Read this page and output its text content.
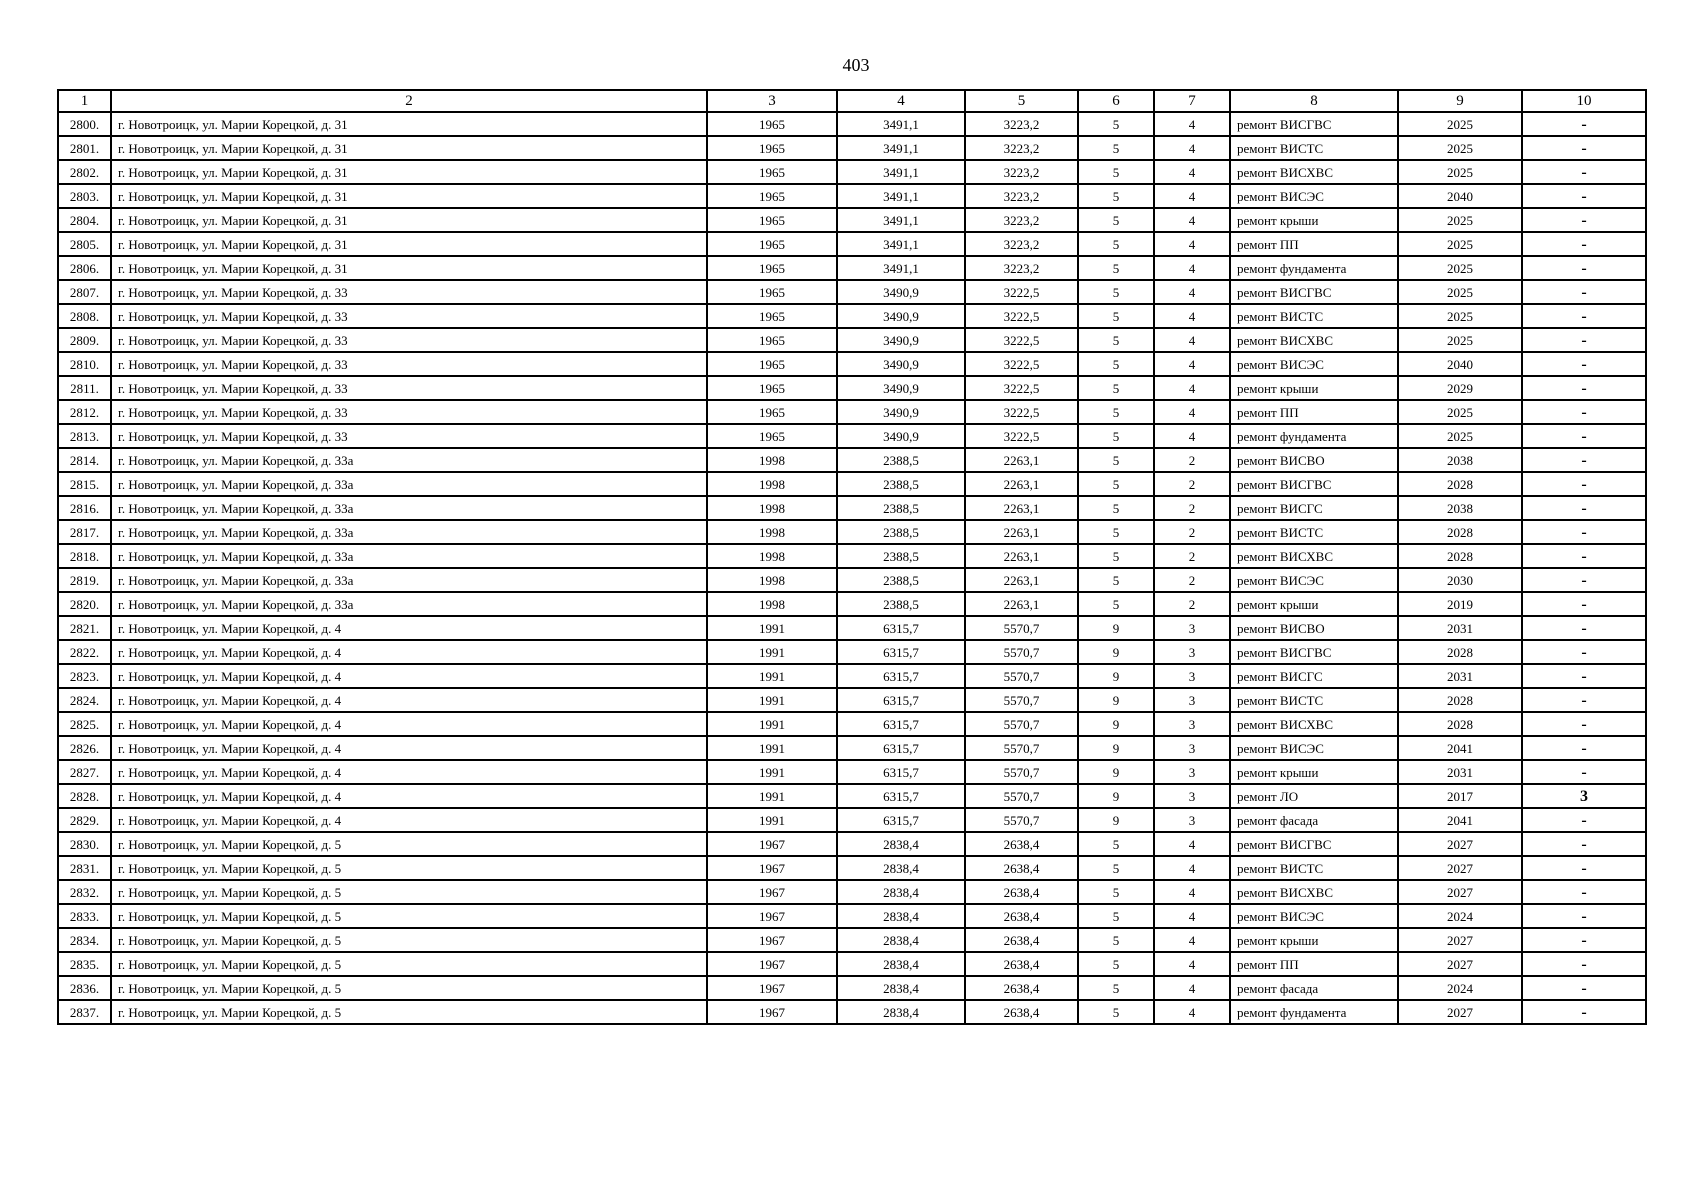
403
1	2	3	4	5	6	7	8	9	10
2800.	г. Новотроицк, ул. Марии Корецкой, д. 31	1965	3491,1	3223,2	5	4	ремонт ВИСГВС	2025	-
2801.	г. Новотроицк, ул. Марии Корецкой, д. 31	1965	3491,1	3223,2	5	4	ремонт ВИСТС	2025	-
2802.	г. Новотроицк, ул. Марии Корецкой, д. 31	1965	3491,1	3223,2	5	4	ремонт ВИСХВС	2025	-
2803.	г. Новотроицк, ул. Марии Корецкой, д. 31	1965	3491,1	3223,2	5	4	ремонт ВИСЭС	2040	-
2804.	г. Новотроицк, ул. Марии Корецкой, д. 31	1965	3491,1	3223,2	5	4	ремонт крыши	2025	-
2805.	г. Новотроицк, ул. Марии Корецкой, д. 31	1965	3491,1	3223,2	5	4	ремонт ПП	2025	-
2806.	г. Новотроицк, ул. Марии Корецкой, д. 31	1965	3491,1	3223,2	5	4	ремонт фундамента	2025	-
2807.	г. Новотроицк, ул. Марии Корецкой, д. 33	1965	3490,9	3222,5	5	4	ремонт ВИСГВС	2025	-
2808.	г. Новотроицк, ул. Марии Корецкой, д. 33	1965	3490,9	3222,5	5	4	ремонт ВИСТС	2025	-
2809.	г. Новотроицк, ул. Марии Корецкой, д. 33	1965	3490,9	3222,5	5	4	ремонт ВИСХВС	2025	-
2810.	г. Новотроицк, ул. Марии Корецкой, д. 33	1965	3490,9	3222,5	5	4	ремонт ВИСЭС	2040	-
2811.	г. Новотроицк, ул. Марии Корецкой, д. 33	1965	3490,9	3222,5	5	4	ремонт крыши	2029	-
2812.	г. Новотроицк, ул. Марии Корецкой, д. 33	1965	3490,9	3222,5	5	4	ремонт ПП	2025	-
2813.	г. Новотроицк, ул. Марии Корецкой, д. 33	1965	3490,9	3222,5	5	4	ремонт фундамента	2025	-
2814.	г. Новотроицк, ул. Марии Корецкой, д. 33а	1998	2388,5	2263,1	5	2	ремонт ВИСВО	2038	-
2815.	г. Новотроицк, ул. Марии Корецкой, д. 33а	1998	2388,5	2263,1	5	2	ремонт ВИСГВС	2028	-
2816.	г. Новотроицк, ул. Марии Корецкой, д. 33а	1998	2388,5	2263,1	5	2	ремонт ВИСГС	2038	-
2817.	г. Новотроицк, ул. Марии Корецкой, д. 33а	1998	2388,5	2263,1	5	2	ремонт ВИСТС	2028	-
2818.	г. Новотроицк, ул. Марии Корецкой, д. 33а	1998	2388,5	2263,1	5	2	ремонт ВИСХВС	2028	-
2819.	г. Новотроицк, ул. Марии Корецкой, д. 33а	1998	2388,5	2263,1	5	2	ремонт ВИСЭС	2030	-
2820.	г. Новотроицк, ул. Марии Корецкой, д. 33а	1998	2388,5	2263,1	5	2	ремонт крыши	2019	-
2821.	г. Новотроицк, ул. Марии Корецкой, д. 4	1991	6315,7	5570,7	9	3	ремонт ВИСВО	2031	-
2822.	г. Новотроицк, ул. Марии Корецкой, д. 4	1991	6315,7	5570,7	9	3	ремонт ВИСГВС	2028	-
2823.	г. Новотроицк, ул. Марии Корецкой, д. 4	1991	6315,7	5570,7	9	3	ремонт ВИСГС	2031	-
2824.	г. Новотроицк, ул. Марии Корецкой, д. 4	1991	6315,7	5570,7	9	3	ремонт ВИСТС	2028	-
2825.	г. Новотроицк, ул. Марии Корецкой, д. 4	1991	6315,7	5570,7	9	3	ремонт ВИСХВС	2028	-
2826.	г. Новотроицк, ул. Марии Корецкой, д. 4	1991	6315,7	5570,7	9	3	ремонт ВИСЭС	2041	-
2827.	г. Новотроицк, ул. Марии Корецкой, д. 4	1991	6315,7	5570,7	9	3	ремонт крыши	2031	-
2828.	г. Новотроицк, ул. Марии Корецкой, д. 4	1991	6315,7	5570,7	9	3	ремонт ЛО	2017	3
2829.	г. Новотроицк, ул. Марии Корецкой, д. 4	1991	6315,7	5570,7	9	3	ремонт фасада	2041	-
2830.	г. Новотроицк, ул. Марии Корецкой, д. 5	1967	2838,4	2638,4	5	4	ремонт ВИСГВС	2027	-
2831.	г. Новотроицк, ул. Марии Корецкой, д. 5	1967	2838,4	2638,4	5	4	ремонт ВИСТС	2027	-
2832.	г. Новотроицк, ул. Марии Корецкой, д. 5	1967	2838,4	2638,4	5	4	ремонт ВИСХВС	2027	-
2833.	г. Новотроицк, ул. Марии Корецкой, д. 5	1967	2838,4	2638,4	5	4	ремонт ВИСЭС	2024	-
2834.	г. Новотроицк, ул. Марии Корецкой, д. 5	1967	2838,4	2638,4	5	4	ремонт крыши	2027	-
2835.	г. Новотроицк, ул. Марии Корецкой, д. 5	1967	2838,4	2638,4	5	4	ремонт ПП	2027	-
2836.	г. Новотроицк, ул. Марии Корецкой, д. 5	1967	2838,4	2638,4	5	4	ремонт фасада	2024	-
2837.	г. Новотроицк, ул. Марии Корецкой, д. 5	1967	2838,4	2638,4	5	4	ремонт фундамента	2027	-
